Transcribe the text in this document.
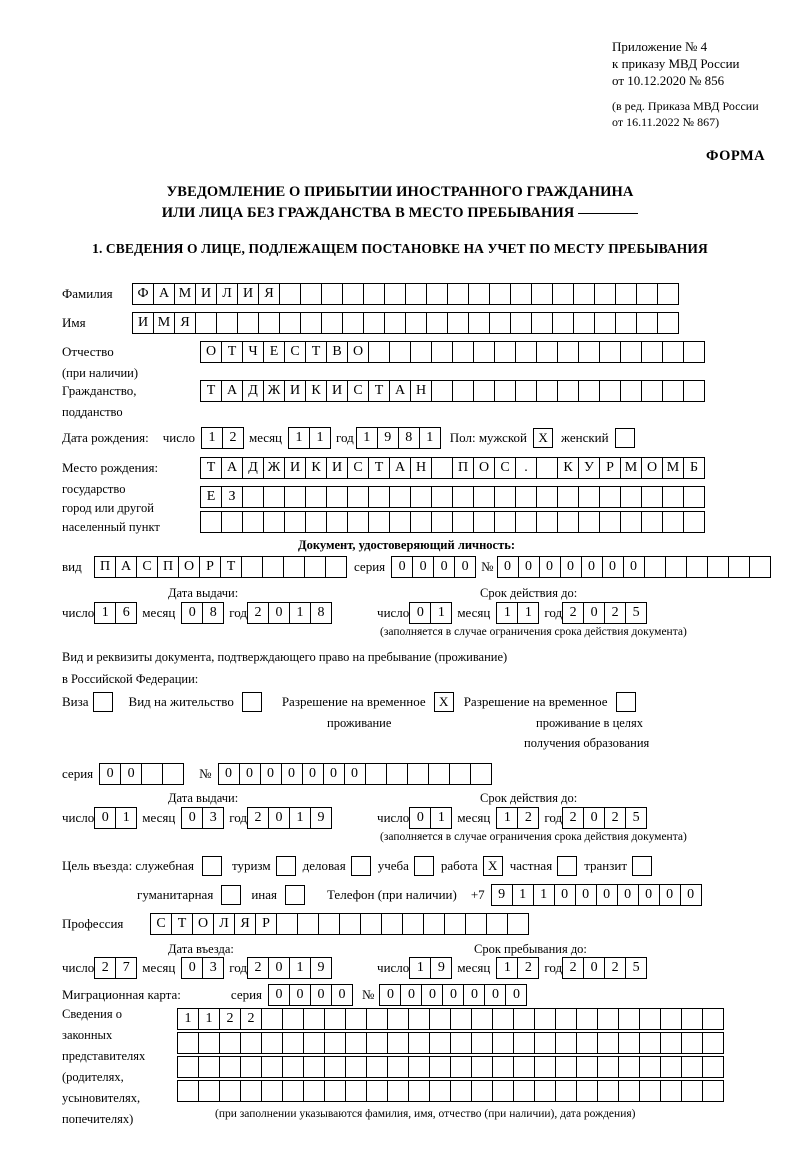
Приложение № 4
к приказу МВД России
от 10.12.2020 № 856
(в ред. Приказа МВД России
от 16.11.2022 № 867)
ФОРМА
УВЕДОМЛЕНИЕ О ПРИБЫТИИ ИНОСТРАННОГО ГРАЖДАНИНА
ИЛИ ЛИЦА БЕЗ ГРАЖДАНСТВА В МЕСТО ПРЕБЫВАНИЯ
1. СВЕДЕНИЯ О ЛИЦЕ, ПОДЛЕЖАЩЕМ ПОСТАНОВКЕ НА УЧЕТ ПО МЕСТУ ПРЕБЫВАНИЯ
Фамилия	Ф А М И Л И Я
Имя	И М Я
Отчество	О Т Ч Е С Т В О
(при наличии)
Гражданство,	Т А Д Ж И К И С Т А Н
подданство
Дата рождения: число 1	2 месяц 1	1 год 1	9	8	1	Пол: мужской X	женский
Место рождения:	Т А Д Ж И К И С Т А Н	П О С	.	К У Р М О М Б
государство	Е З
город или другой
населенный пункт
Документ, удостоверяющий личность:
вид	П А С П О Р Т	серия 0	0	0	0 № 0	0	0	0	0	0	0
Дата выдачи:	Срок действия до:
число 1	6 месяц 0	8 год 2	0	1	8	число 0	1 месяц 1	1 год 2	0	2	5
(заполняется в случае ограничения срока действия документа)
Вид и реквизиты документа, подтверждающего право на пребывание (проживание)
в Российской Федерации:
Виза	Вид на жительство	Разрешение на временное	X	Разрешение на временное
проживание	проживание в целях
получения образования
серия 0	0	№ 0	0	0	0	0	0	0
Дата выдачи:	Срок действия до:
число 0	1 месяц 0	3 год 2	0	1	9	число 0	1 месяц 1	2 год 2	0	2	5
(заполняется в случае ограничения срока действия документа)
Цель въезда: служебная	туризм деловая учеба работа X частная транзит
гуманитарная	иная	Телефон (при наличии) +7 9	1	1	0	0	0	0	0	0	0
Профессия	С Т О Л Я Р
Дата въезда:	Срок пребывания до:
число 2	7 месяц 0	3 год 2	0	1	9	число 1	9 месяц 1	2 год 2	0	2	5
Миграционная карта:	серия 0	0	0	0	№ 0	0	0	0	0	0	0
Сведения о
законных
представителях
(родителях,
усыновителях,
попечителях)
1	1	2	2
(при заполнении указываются фамилия, имя, отчество (при наличии), дата рождения)
